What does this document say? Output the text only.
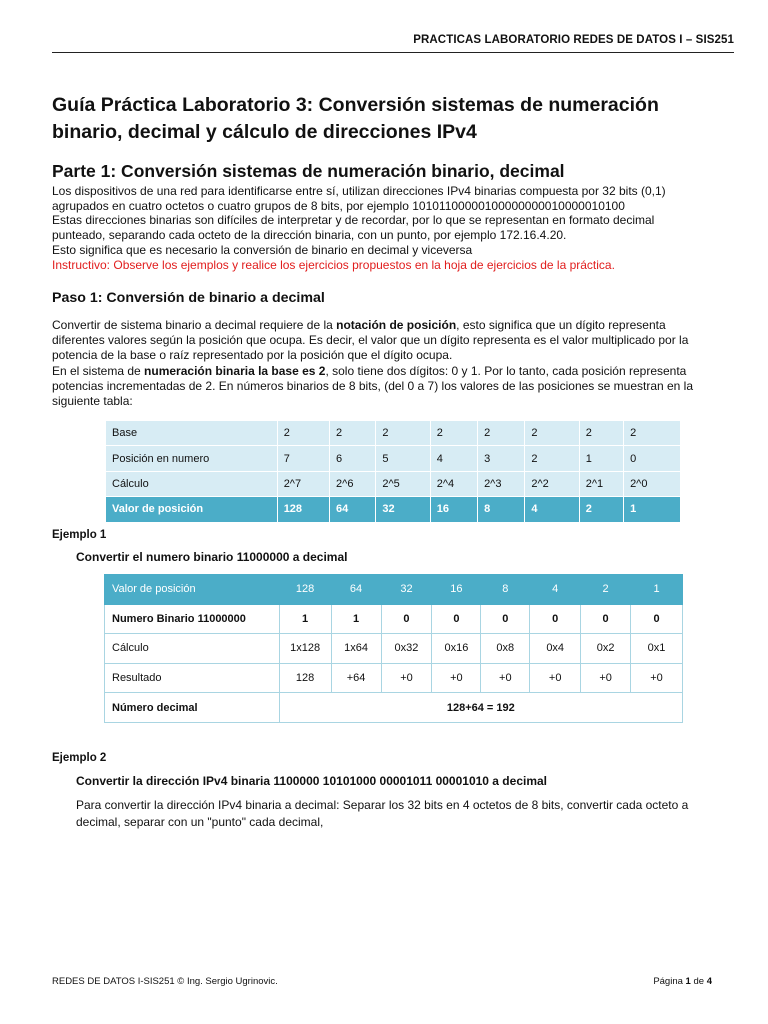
PRACTICAS LABORATORIO REDES DE DATOS I – SIS251
Guía Práctica Laboratorio 3: Conversión sistemas de numeración
binario, decimal y cálculo de direcciones IPv4
Parte 1: Conversión sistemas de numeración binario, decimal
Los dispositivos de una red para identificarse entre sí, utilizan direcciones IPv4 binarias compuesta por 32 bits (0,1)
agrupados en cuatro octetos o cuatro grupos de 8 bits, por ejemplo 10101100000100000000010000010100
Estas direcciones binarias son difíciles de interpretar y de recordar, por lo que se representan en formato decimal
punteado, separando cada octeto de la dirección binaria, con un punto, por ejemplo 172.16.4.20.
Esto significa que es necesario la conversión de binario en decimal y viceversa
Instructivo: Observe los ejemplos y realice los ejercicios propuestos en la hoja de ejercicios de la práctica.
Paso 1: Conversión de binario a decimal
Convertir de sistema binario a decimal requiere de la notación de posición, esto significa que un dígito representa
diferentes valores según la posición que ocupa. Es decir, el valor que un dígito representa es el valor multiplicado por la
potencia de la base o raíz representado por la posición que el dígito ocupa.
En el sistema de numeración binaria la base es 2, solo tiene dos dígitos: 0 y 1. Por lo tanto, cada posición representa
potencias incrementadas de 2. En números binarios de 8 bits, (del 0 a 7) los valores de las posiciones se muestran en la
siguiente tabla:
Base	2	2	2	2	2	2	2	2
Posición en numero	7	6	5	4	3	2	1	0
Cálculo	2^7	2^6	2^5	2^4	2^3	2^2	2^1	2^0
Valor de posición	128	64	32	16	8	4	2	1
Ejemplo 1
Convertir el numero binario 11000000 a decimal
Valor de posición	128	64	32	16	8	4	2	1
Numero Binario 11000000	1	1	0	0	0	0	0	0
Cálculo	1x128	1x64	0x32	0x16	0x8	0x4	0x2	0x1
Resultado	128	+64	+0	+0	+0	+0	+0	+0
Número decimal	128+64 = 192							
Ejemplo 2
Convertir la dirección IPv4 binaria 1100000 10101000 00001011 00001010 a decimal
Para convertir la dirección IPv4 binaria a decimal: Separar los 32 bits en 4 octetos de 8 bits, convertir cada octeto a
decimal, separar con un "punto" cada decimal,
REDES DE DATOS I-SIS251 © Ing. Sergio Ugrinovic.	Página 1 de 4
